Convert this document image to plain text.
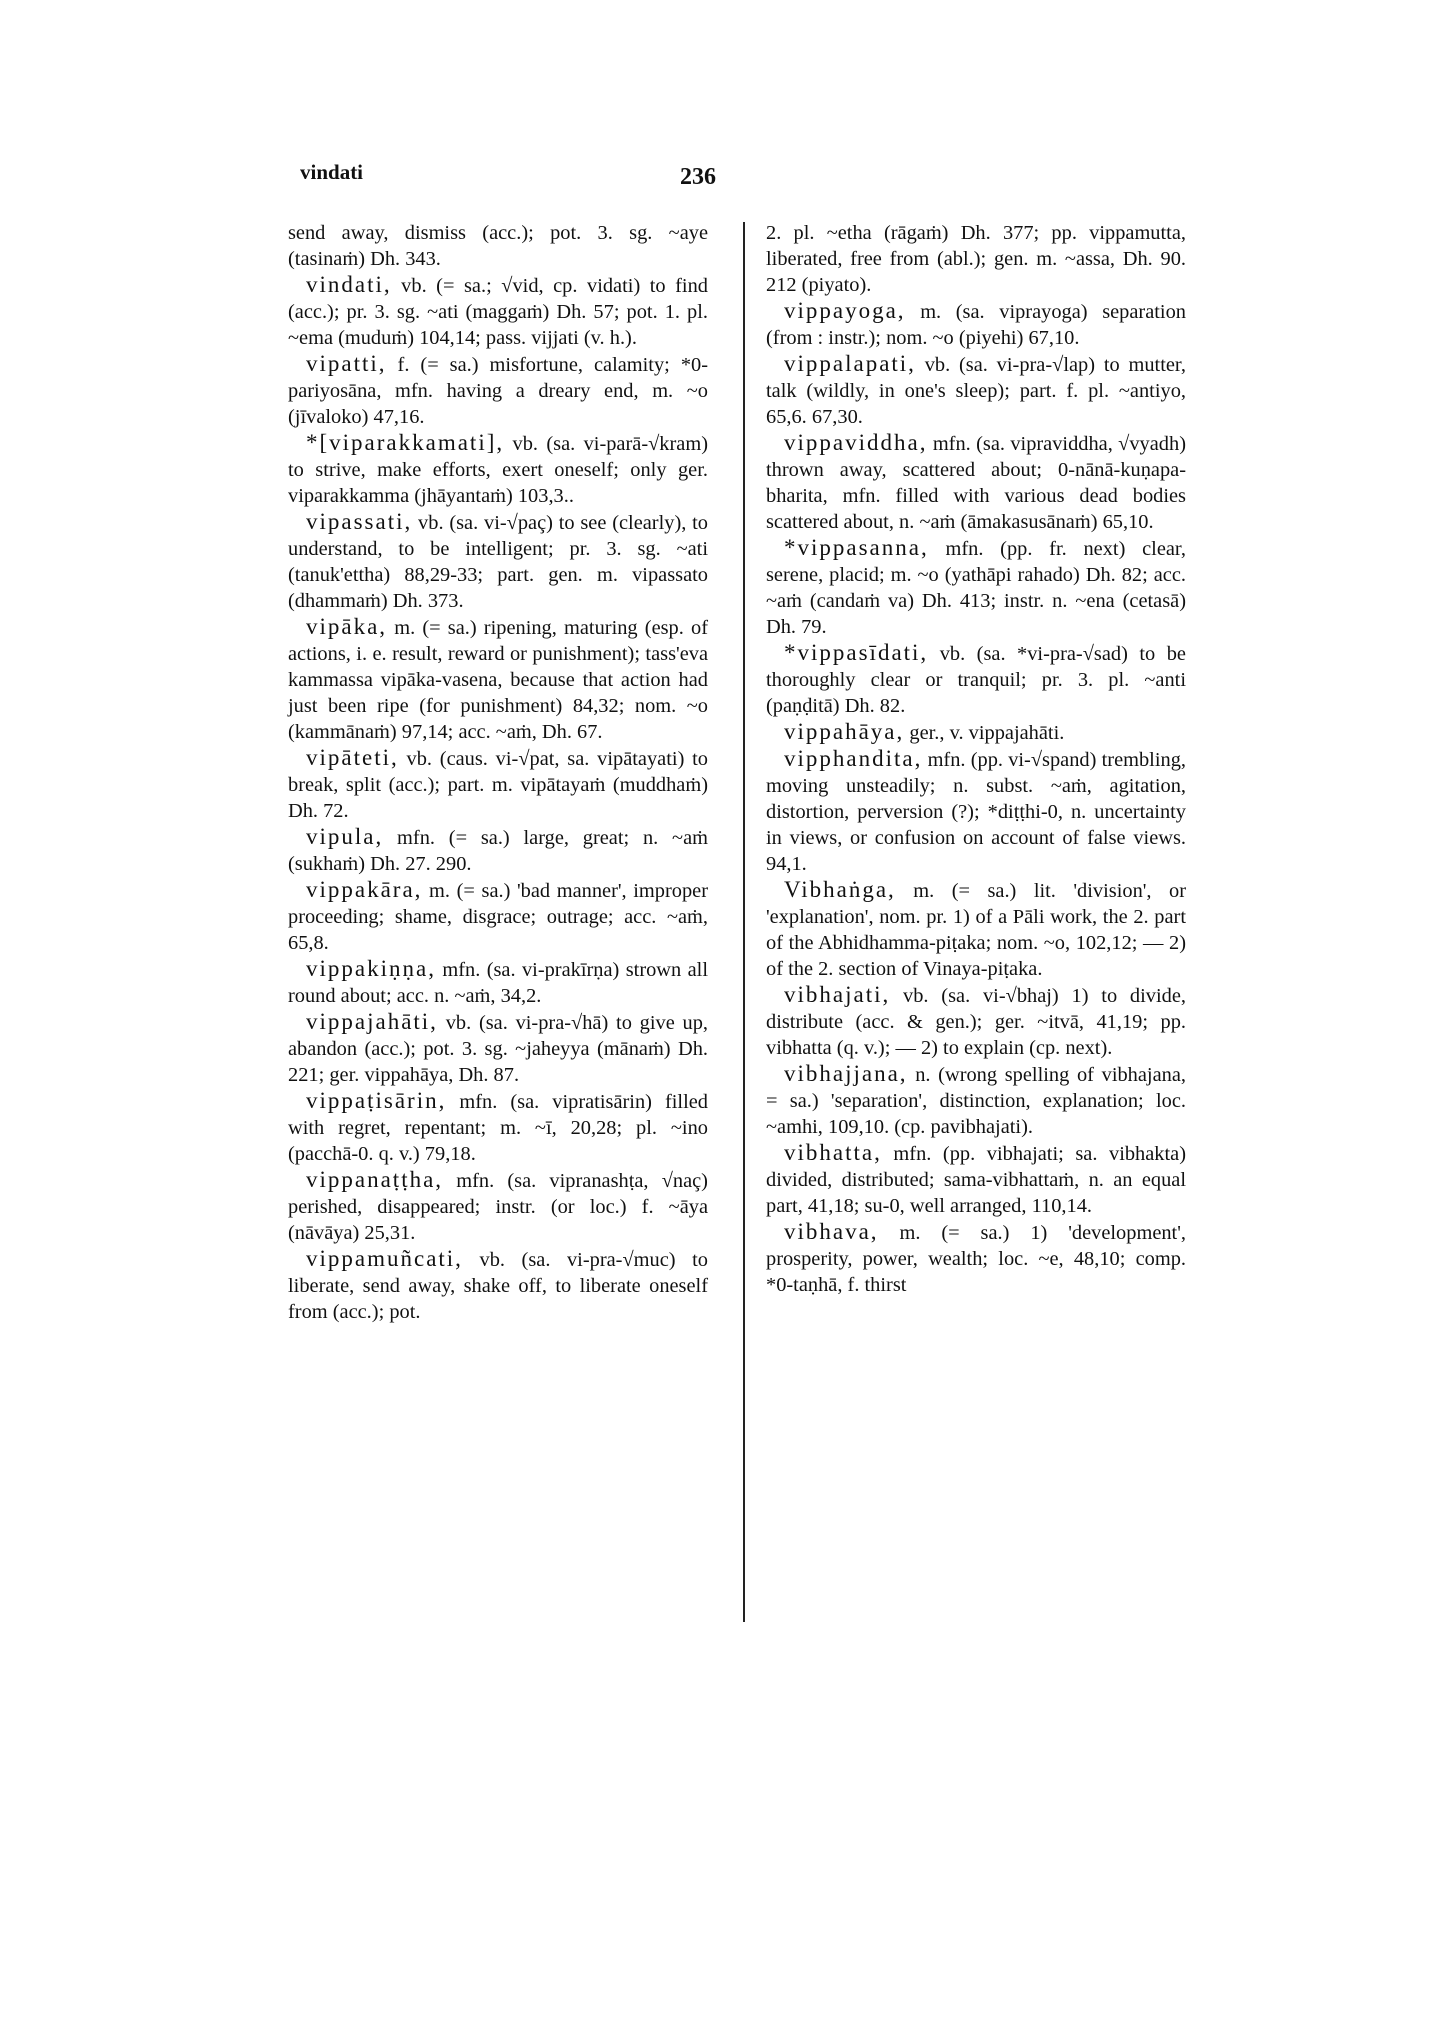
vindati	236

send away, dismiss (acc.); pot. 3. sg. ~aye (tasinaṁ) Dh. 343.

vindati, vb. (= sa.; √vid, cp. vidati) to find (acc.); pr. 3. sg. ~ati (maggaṁ) Dh. 57; pot. 1. pl. ~ema (muduṁ) 104,14; pass. vijjati (v. h.).

vipatti, f. (= sa.) misfortune, calamity; *0-pariyosāna, mfn. having a dreary end, m. ~o (jīvaloko) 47,16.

*[viparakkamati], vb. (sa. vi-parā-√kram) to strive, make efforts, exert oneself; only ger. viparakkamma (jhāyantaṁ) 103,3..

vipassati, vb. (sa. vi-√paç) to see (clearly), to understand, to be intelligent; pr. 3. sg. ~ati (tanuk'ettha) 88,29-33; part. gen. m. vipassato (dhammaṁ) Dh. 373.

vipāka, m. (= sa.) ripening, maturing (esp. of actions, i. e. result, reward or punishment); tass'eva kammassa vipāka-vasena, because that action had just been ripe (for punishment) 84,32; nom. ~o (kammānaṁ) 97,14; acc. ~aṁ, Dh. 67.

vipāteti, vb. (caus. vi-√pat, sa. vipātayati) to break, split (acc.); part. m. vipātayaṁ (muddhaṁ) Dh. 72.

vipula, mfn. (= sa.) large, great; n. ~aṁ (sukhaṁ) Dh. 27. 290.

vippakāra, m. (= sa.) 'bad manner', improper proceeding; shame, disgrace; outrage; acc. ~aṁ, 65,8.

vippakiṇṇa, mfn. (sa. vi-prakīrṇa) strown all round about; acc. n. ~aṁ, 34,2.

vippajahāti, vb. (sa. vi-pra-√hā) to give up, abandon (acc.); pot. 3. sg. ~jaheyya (mānaṁ) Dh. 221; ger. vippahāya, Dh. 87.

vippaṭisārin, mfn. (sa. vipratisārin) filled with regret, repentant; m. ~ī, 20,28; pl. ~ino (pacchā-0. q. v.) 79,18.

vippanaṭṭha, mfn. (sa. vipranashṭa, √naç) perished, disappeared; instr. (or loc.) f. ~āya (nāvāya) 25,31.

vippamuñcati, vb. (sa. vi-pra-√muc) to liberate, send away, shake off, to liberate oneself from (acc.); pot.

2. pl. ~etha (rāgaṁ) Dh. 377; pp. vippamutta, liberated, free from (abl.); gen. m. ~assa, Dh. 90. 212 (piyato).

vippayoga, m. (sa. viprayoga) separation (from : instr.); nom. ~o (piyehi) 67,10.

vippalapati, vb. (sa. vi-pra-√lap) to mutter, talk (wildly, in one's sleep); part. f. pl. ~antiyo, 65,6. 67,30.

vippaviddha, mfn. (sa. vipraviddha, √vyadh) thrown away, scattered about; 0-nānā-kuṇapa-bharita, mfn. filled with various dead bodies scattered about, n. ~aṁ (āmakasusānaṁ) 65,10.

*vippasanna, mfn. (pp. fr. next) clear, serene, placid; m. ~o (yathāpi rahado) Dh. 82; acc. ~aṁ (candaṁ va) Dh. 413; instr. n. ~ena (cetasā) Dh. 79.

*vippasīdati, vb. (sa. *vi-pra-√sad) to be thoroughly clear or tranquil; pr. 3. pl. ~anti (paṇḍitā) Dh. 82.

vippahāya, ger., v. vippajahāti.

vipphandita, mfn. (pp. vi-√spand) trembling, moving unsteadily; n. subst. ~aṁ, agitation, distortion, perversion (?); *diṭṭhi-0, n. uncertainty in views, or confusion on account of false views. 94,1.

Vibhaṅga, m. (= sa.) lit. 'division', or 'explanation', nom. pr. 1) of a Pāli work, the 2. part of the Abhidhamma-piṭaka; nom. ~o, 102,12; — 2) of the 2. section of Vinaya-piṭaka.

vibhajati, vb. (sa. vi-√bhaj) 1) to divide, distribute (acc. & gen.); ger. ~itvā, 41,19; pp. vibhatta (q. v.); — 2) to explain (cp. next).

vibhajjana, n. (wrong spelling of vibhajana, = sa.) 'separation', distinction, explanation; loc. ~amhi, 109,10. (cp. pavibhajati).

vibhatta, mfn. (pp. vibhajati; sa. vibhakta) divided, distributed; sama-vibhattaṁ, n. an equal part, 41,18; su-0, well arranged, 110,14.

vibhava, m. (= sa.) 1) 'development', prosperity, power, wealth; loc. ~e, 48,10; comp. *0-taṇhā, f. thirst
